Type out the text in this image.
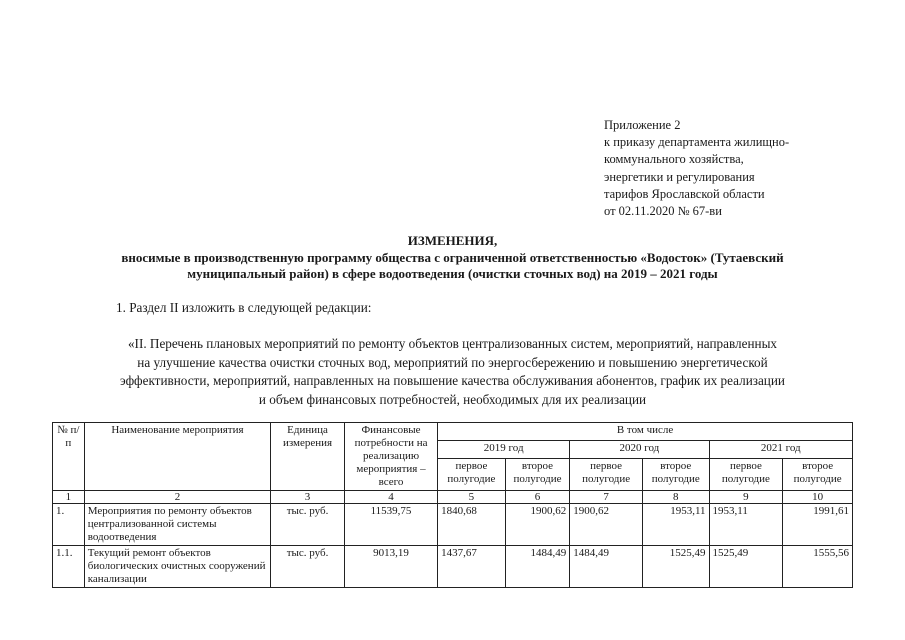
Приложение 2
к приказу департамента жилищно-
коммунального хозяйства,
энергетики и регулирования
тарифов Ярославской области
от 02.11.2020 № 67-ви
ИЗМЕНЕНИЯ,
вносимые в производственную программу общества с ограниченной ответственностью «Водосток» (Тутаевский
муниципальный район) в сфере водоотведения (очистки сточных вод) на 2019 – 2021 годы
1. Раздел II изложить в следующей редакции:
«II. Перечень плановых мероприятий по ремонту объектов централизованных систем, мероприятий, направленных
на улучшение качества очистки сточных вод, мероприятий по энергосбережению и повышению энергетической
эффективности, мероприятий, направленных на повышение качества обслуживания абонентов, график их реализации
и объем финансовых потребностей, необходимых для их реализации
№ п/п	Наименование мероприятия	Единица измерения	Финансовые потребности на реализацию мероприятия – всего	В том числе					
				2019 год		2020 год		2021 год	
				первое полугодие	второе полугодие	первое полугодие	второе полугодие	первое полугодие	второе полугодие
1	2	3	4	5	6	7	8	9	10
1.	Мероприятия по ремонту объектов централизованной системы водоотведения	тыс. руб.	11539,75	1840,68	1900,62	1900,62	1953,11	1953,11	1991,61
1.1.	Текущий ремонт объектов биологических очистных сооружений канализации	тыс. руб.	9013,19	1437,67	1484,49	1484,49	1525,49	1525,49	1555,56
